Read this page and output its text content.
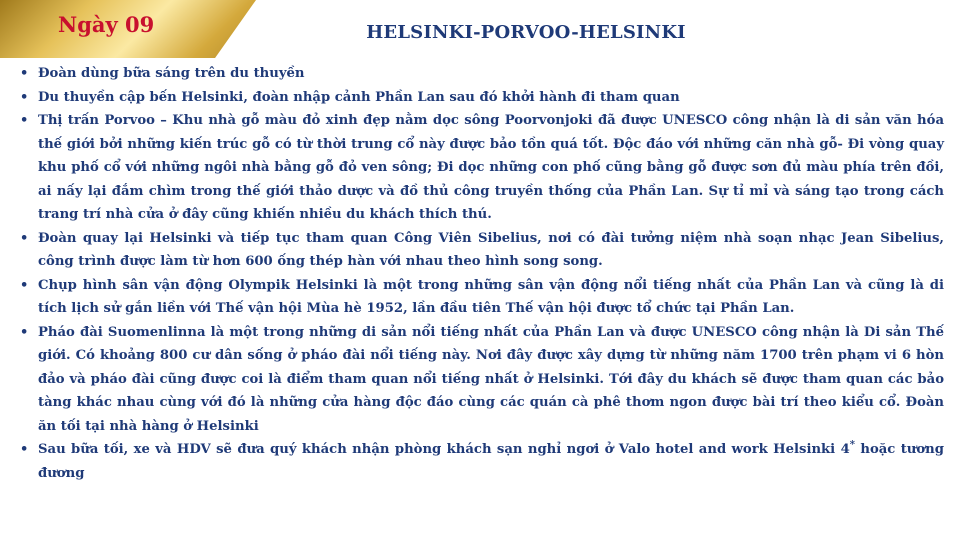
Ngày 09	HELSINKI-PORVOO-HELSINKI
• Đoàn dùng bữa sáng trên du thuyền
• Du thuyền cập bến Helsinki, đoàn nhập cảnh Phần Lan sau đó khởi hành đi tham quan
• Thị trấn Porvoo – Khu nhà gỗ màu đỏ xinh đẹp nằm dọc sông Poorvonjoki đã được UNESCO công nhận là di sản văn hóa thế giới bởi những kiến trúc gỗ có từ thời trung cổ này được bảo tồn quá tốt. Độc đáo với những căn nhà gỗ- Đi vòng quay khu phố cổ với những ngôi nhà bằng gỗ đỏ ven sông; Đi dọc những con phố cũng bằng gỗ được sơn đủ màu phía trên đồi, ai nấy lại đắm chìm trong thế giới thảo dược và đồ thủ công truyền thống của Phần Lan. Sự tỉ mỉ và sáng tạo trong cách trang trí nhà cửa ở đây cũng khiến nhiều du khách thích thú.
• Đoàn quay lại Helsinki và tiếp tục tham quan Công Viên Sibelius, nơi có đài tưởng niệm nhà soạn nhạc Jean Sibelius, công trình được làm từ hơn 600 ống thép hàn với nhau theo hình song song.
• Chụp hình sân vận động Olympik Helsinki là một trong những sân vận động nổi tiếng nhất của Phần Lan và cũng là di tích lịch sử gắn liền với Thế vận hội Mùa hè 1952, lần đầu tiên Thế vận hội được tổ chức tại Phần Lan.
• Pháo đài Suomenlinna là một trong những di sản nổi tiếng nhất của Phần Lan và được UNESCO công nhận là Di sản Thế giới. Có khoảng 800 cư dân sống ở pháo đài nổi tiếng này. Nơi đây được xây dựng từ những năm 1700 trên phạm vi 6 hòn đảo và pháo đài cũng được coi là điểm tham quan nổi tiếng nhất ở Helsinki. Tới đây du khách sẽ được tham quan các bảo tàng khác nhau cùng với đó là những cửa hàng độc đáo cùng các quán cà phê thơm ngon được bài trí theo kiểu cổ. Đoàn ăn tối tại nhà hàng ở Helsinki
• Sau bữa tối, xe và HDV sẽ đưa quý khách nhận phòng khách sạn nghỉ ngơi ở Valo hotel and work Helsinki 4* hoặc tương đương
